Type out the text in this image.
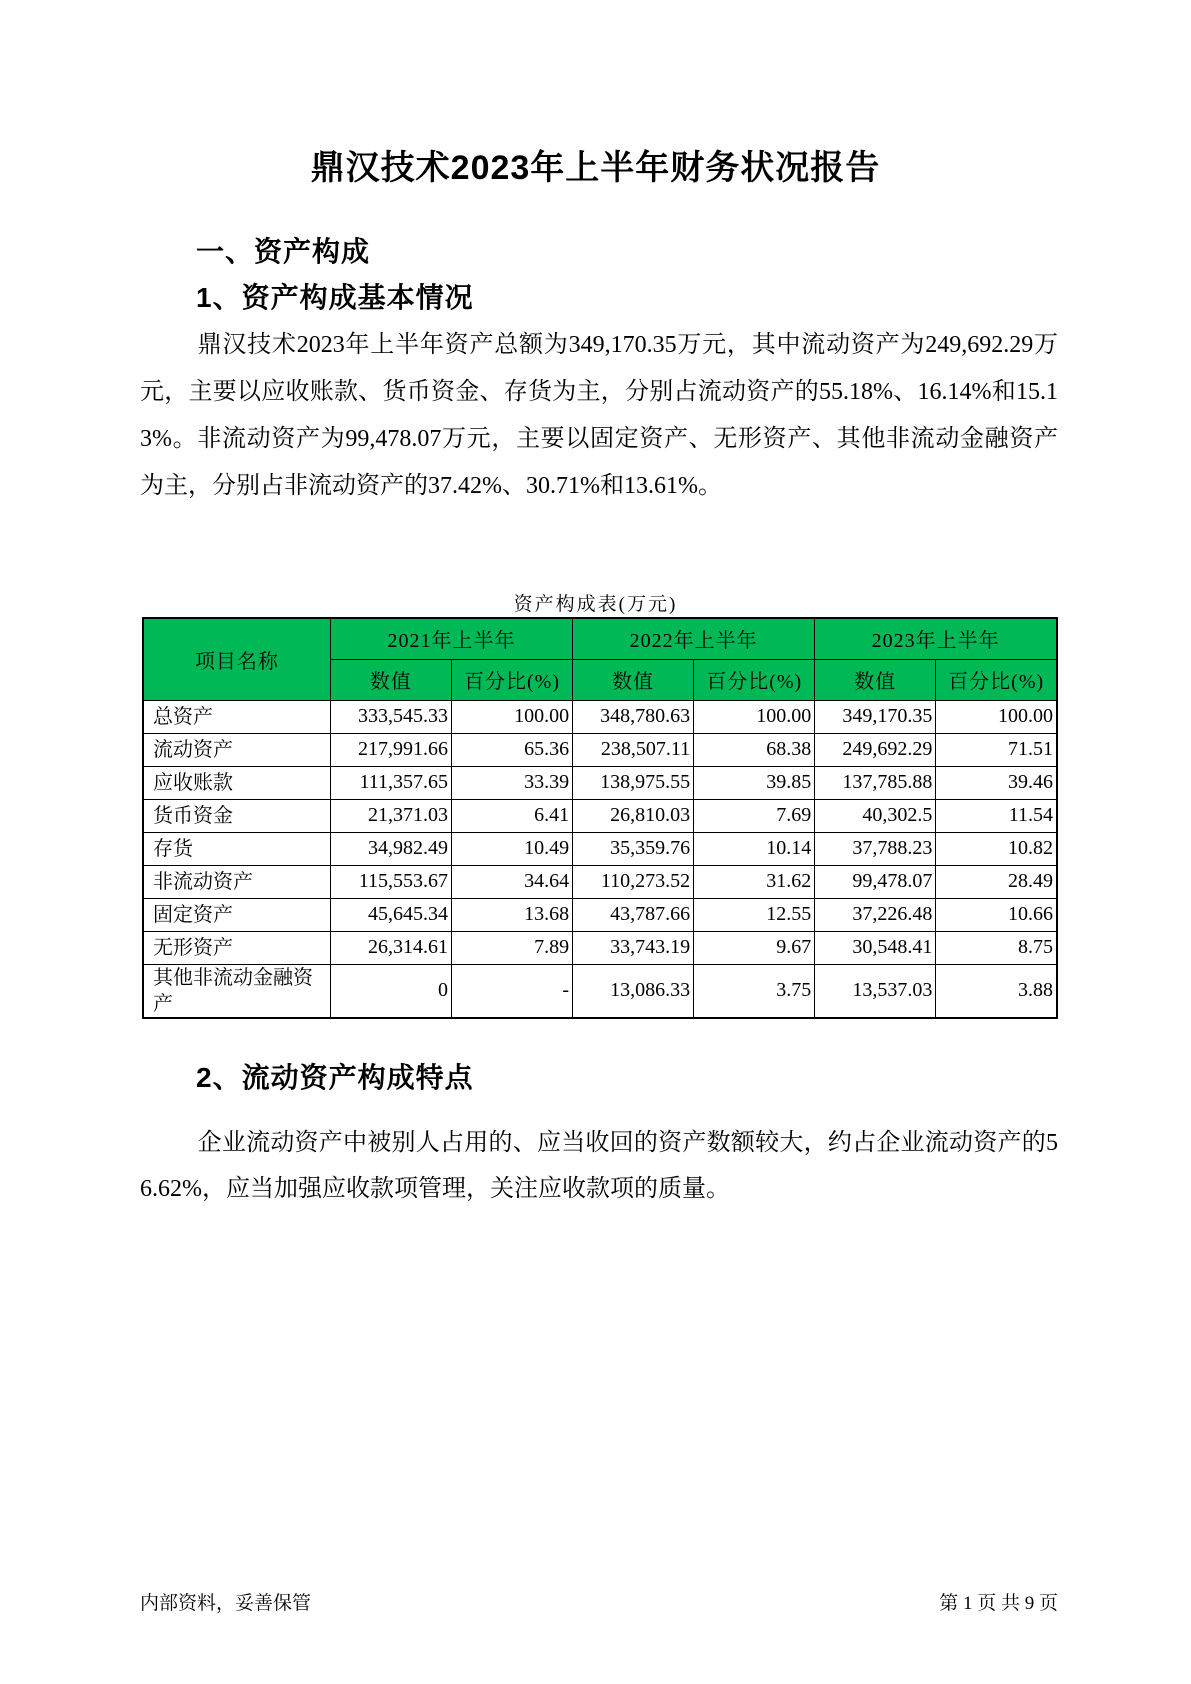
鼎汉技术2023年上半年财务状况报告
一、资产构成
1、资产构成基本情况

鼎汉技术2023年上半年资产总额为349,170.35万元，其中流动资产为249,692.29万元，主要以应收账款、货币资金、存货为主，分别占流动资产的55.18%、16.14%和15.13%。非流动资产为99,478.07万元，主要以固定资产、无形资产、其他非流动金融资产为主，分别占非流动资产的37.42%、30.71%和13.61%。

资产构成表(万元)
项目名称	2021年上半年		2022年上半年		2023年上半年	
	数值	百分比(%)	数值	百分比(%)	数值	百分比(%)
总资产	333,545.33	100.00	348,780.63	100.00	349,170.35	100.00
流动资产	217,991.66	65.36	238,507.11	68.38	249,692.29	71.51
应收账款	111,357.65	33.39	138,975.55	39.85	137,785.88	39.46
货币资金	21,371.03	6.41	26,810.03	7.69	40,302.5	11.54
存货	34,982.49	10.49	35,359.76	10.14	37,788.23	10.82
非流动资产	115,553.67	34.64	110,273.52	31.62	99,478.07	28.49
固定资产	45,645.34	13.68	43,787.66	12.55	37,226.48	10.66
无形资产	26,314.61	7.89	33,743.19	9.67	30,548.41	8.75
其他非流动金融资产	0	-	13,086.33	3.75	13,537.03	3.88
2、流动资产构成特点

企业流动资产中被别人占用的、应当收回的资产数额较大，约占企业流动资产的56.62%，应当加强应收款项管理，关注应收款项的质量。

内部资料，妥善保管	第 1 页 共 9 页
